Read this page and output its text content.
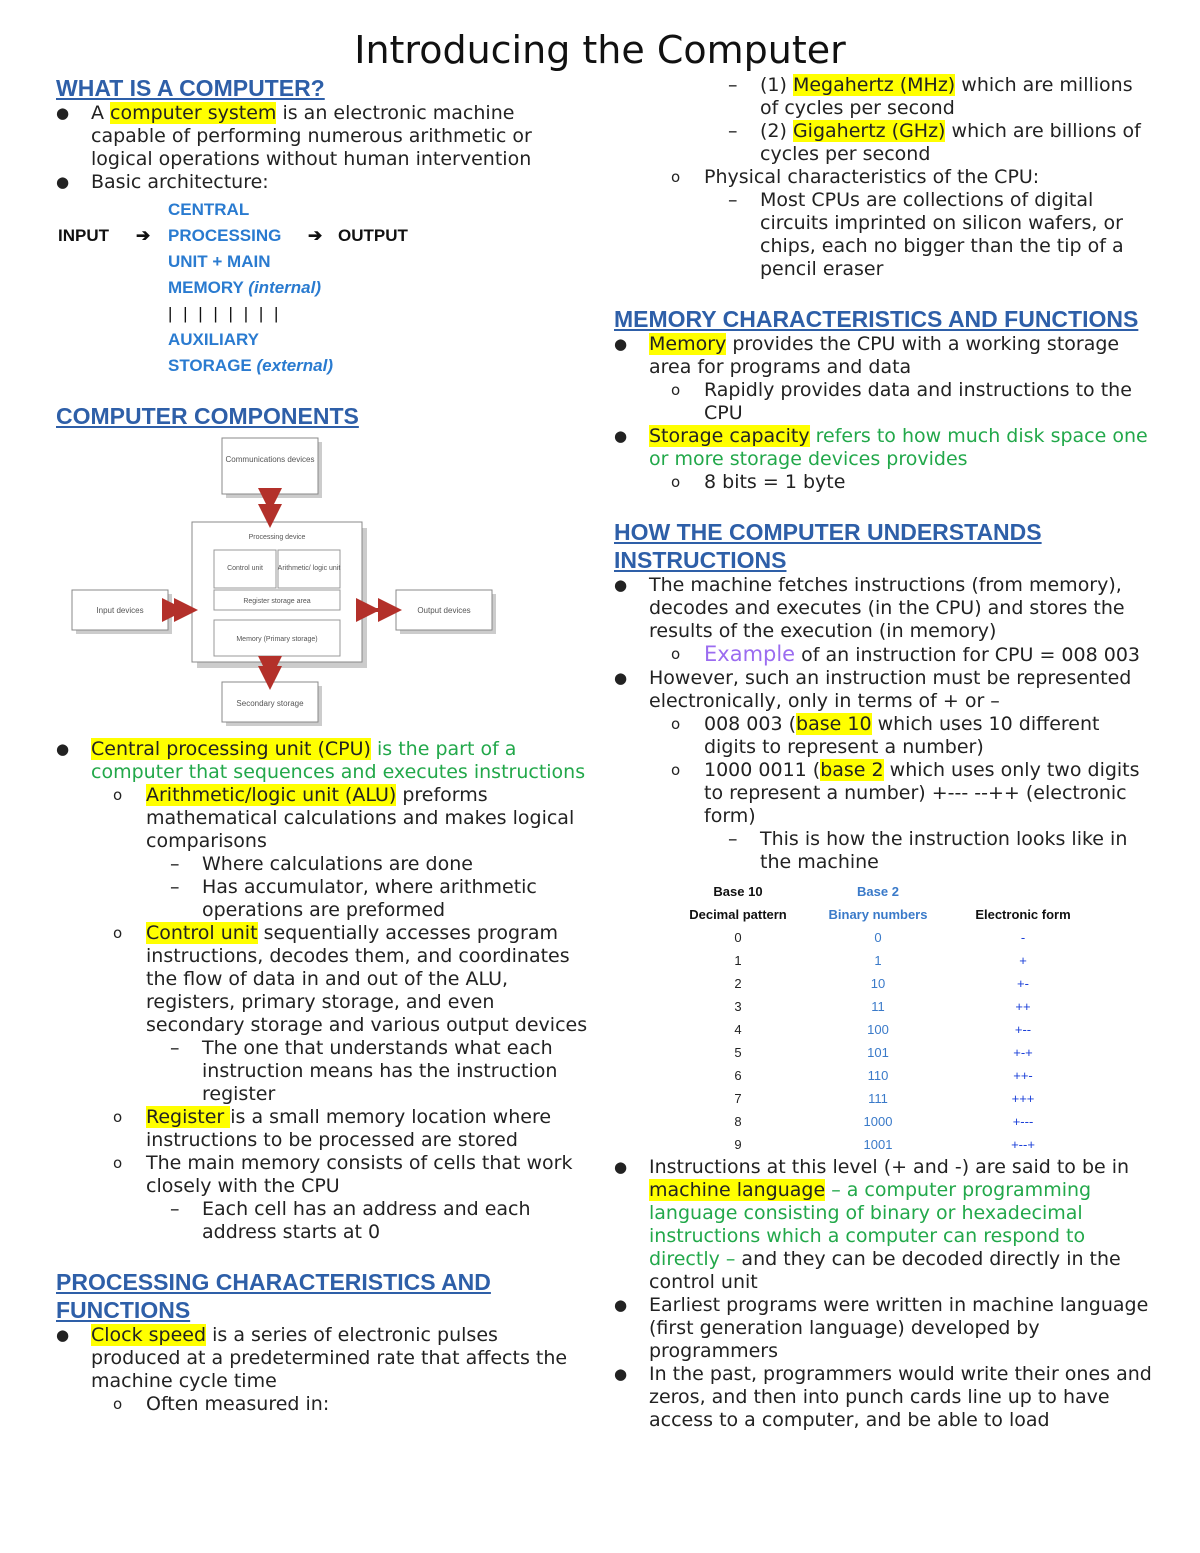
Introducing the Computer
WHAT IS A COMPUTER?
● A computer system is an electronic machine capable of performing numerous arithmetic or logical operations without human intervention
● Basic architecture:
CENTRAL
INPUT ➔ PROCESSING ➔ OUTPUT
UNIT + MAIN
MEMORY (internal)
| | | | | | | |
AUXILIARY
STORAGE (external)
COMPUTER COMPONENTS
Communications devices
Processing device
Control unit Arithmetic/ logic unit
Register storage area
Memory (Primary storage)
Input devices	Output devices
Secondary storage
● Central processing unit (CPU) is the part of a computer that sequences and executes instructions
o Arithmetic/logic unit (ALU) preforms mathematical calculations and makes logical comparisons
– Where calculations are done
– Has accumulator, where arithmetic operations are preformed
o Control unit sequentially accesses program instructions, decodes them, and coordinates the flow of data in and out of the ALU, registers, primary storage, and even secondary storage and various output devices
– The one that understands what each instruction means has the instruction register
o Register is a small memory location where instructions to be processed are stored
o The main memory consists of cells that work closely with the CPU
– Each cell has an address and each address starts at 0
PROCESSING CHARACTERISTICS AND FUNCTIONS
● Clock speed is a series of electronic pulses produced at a predetermined rate that affects the machine cycle time
o Often measured in:
– (1) Megahertz (MHz) which are millions of cycles per second
– (2) Gigahertz (GHz) which are billions of cycles per second
o Physical characteristics of the CPU:
– Most CPUs are collections of digital circuits imprinted on silicon wafers, or chips, each no bigger than the tip of a pencil eraser
MEMORY CHARACTERISTICS AND FUNCTIONS
● Memory provides the CPU with a working storage area for programs and data
o Rapidly provides data and instructions to the CPU
● Storage capacity refers to how much disk space one or more storage devices provides
o 8 bits = 1 byte
HOW THE COMPUTER UNDERSTANDS INSTRUCTIONS
● The machine fetches instructions (from memory), decodes and executes (in the CPU) and stores the results of the execution (in memory)
o Example of an instruction for CPU = 008 003
● However, such an instruction must be represented electronically, only in terms of + or –
o 008 003 (base 10 which uses 10 different digits to represent a number)
o 1000 0011 (base 2 which uses only two digits to represent a number) +--- --++ (electronic form)
– This is how the instruction looks like in the machine
Base 10	Base 2	
Decimal pattern	Binary numbers	Electronic form
0	0	-
1	1	+
2	10	+-
3	11	++
4	100	+--
5	101	+-+
6	110	++-
7	111	+++
8	1000	+---
9	1001	+--+
● Instructions at this level (+ and -) are said to be in machine language – a computer programming language consisting of binary or hexadecimal instructions which a computer can respond to directly – and they can be decoded directly in the control unit
● Earliest programs were written in machine language (first generation language) developed by programmers
● In the past, programmers would write their ones and zeros, and then into punch cards line up to have access to a computer, and be able to load
